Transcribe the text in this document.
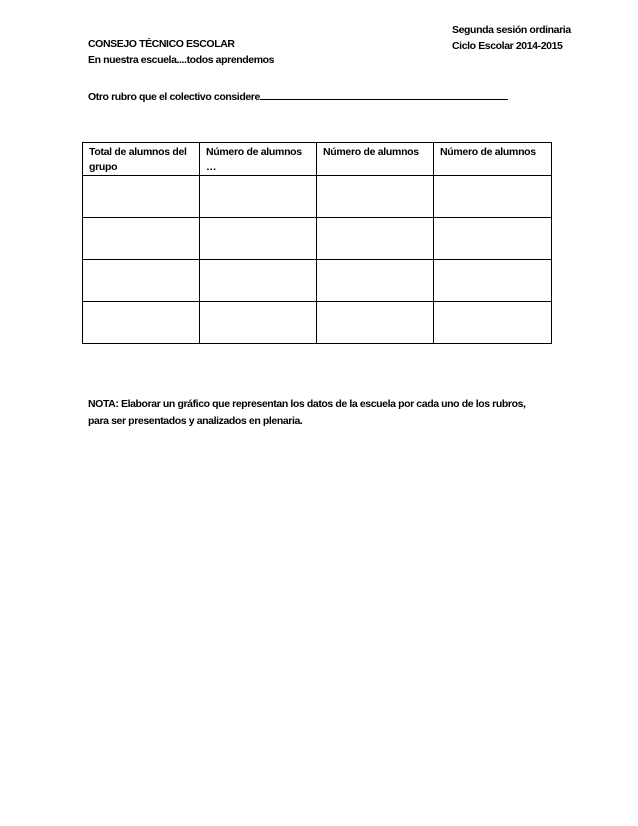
Segunda sesión ordinaria
Ciclo Escolar 2014-2015
CONSEJO TÉCNICO ESCOLAR
En nuestra escuela....todos aprendemos
Otro rubro que el colectivo considere
Total de alumnos del grupo	Número de alumnos …	Número de alumnos	Número de alumnos

NOTA: Elaborar un gráfico que representan los datos de la escuela por cada uno de los rubros,

para ser presentados y analizados en plenaria.
